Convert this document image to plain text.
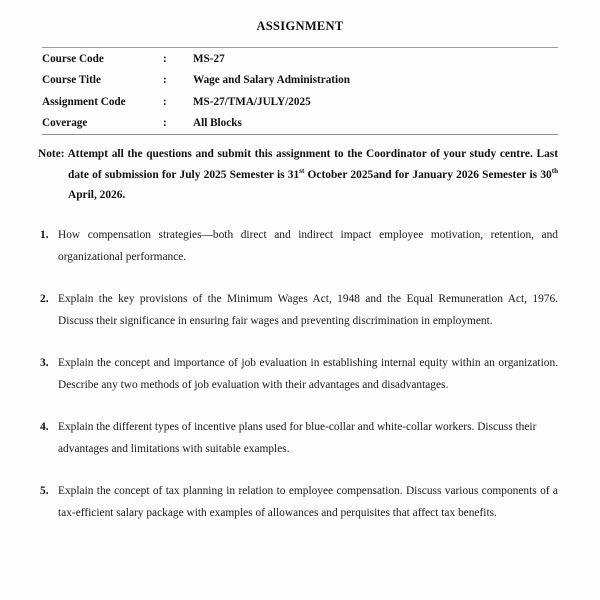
ASSIGNMENT
Course Code	:	MS-27
Course Title	:	Wage and Salary Administration
Assignment Code	:	MS-27/TMA/JULY/2025
Coverage	:	All Blocks
Note: Attempt all the questions and submit this assignment to the Coordinator of your study centre. Last date of submission for July 2025 Semester is 31st October 2025and for January 2026 Semester is 30th April, 2026.
1. How compensation strategies—both direct and indirect impact employee motivation, retention, and organizational performance.
2. Explain the key provisions of the Minimum Wages Act, 1948 and the Equal Remuneration Act, 1976. Discuss their significance in ensuring fair wages and preventing discrimination in employment.
3. Explain the concept and importance of job evaluation in establishing internal equity within an organization. Describe any two methods of job evaluation with their advantages and disadvantages.
4. Explain the different types of incentive plans used for blue-collar and white-collar workers. Discuss their advantages and limitations with suitable examples.
5. Explain the concept of tax planning in relation to employee compensation. Discuss various components of a tax-efficient salary package with examples of allowances and perquisites that affect tax benefits.
